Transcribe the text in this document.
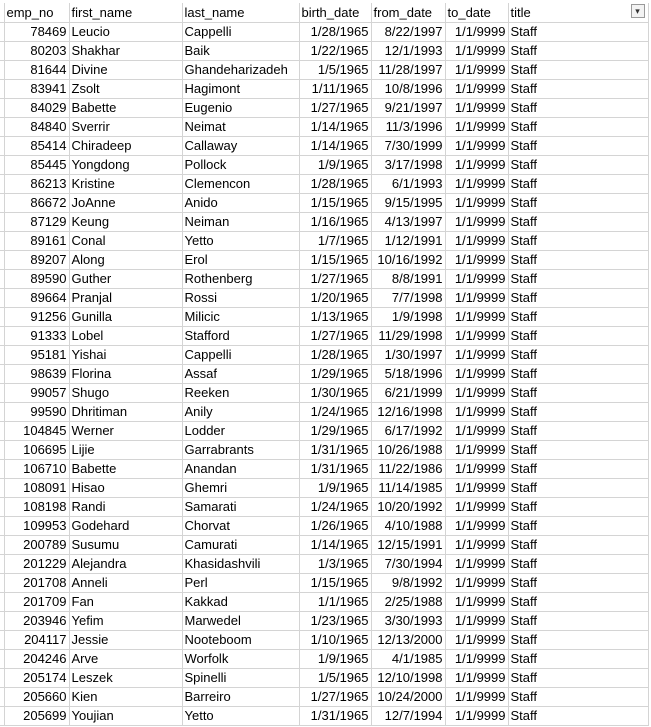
	emp_no	first_name	last_name	birth_date	from_date	to_date	title ▾

	78469	Leucio	Cappelli	1/28/1965	8/22/1997	1/1/9999	Staff
	80203	Shakhar	Baik	1/22/1965	12/1/1993	1/1/9999	Staff
	81644	Divine	Ghandeharizadeh	1/5/1965	11/28/1997	1/1/9999	Staff
	83941	Zsolt	Hagimont	1/11/1965	10/8/1996	1/1/9999	Staff
	84029	Babette	Eugenio	1/27/1965	9/21/1997	1/1/9999	Staff
	84840	Sverrir	Neimat	1/14/1965	11/3/1996	1/1/9999	Staff
	85414	Chiradeep	Callaway	1/14/1965	7/30/1999	1/1/9999	Staff
	85445	Yongdong	Pollock	1/9/1965	3/17/1998	1/1/9999	Staff
	86213	Kristine	Clemencon	1/28/1965	6/1/1993	1/1/9999	Staff
	86672	JoAnne	Anido	1/15/1965	9/15/1995	1/1/9999	Staff
	87129	Keung	Neiman	1/16/1965	4/13/1997	1/1/9999	Staff
	89161	Conal	Yetto	1/7/1965	1/12/1991	1/1/9999	Staff
	89207	Along	Erol	1/15/1965	10/16/1992	1/1/9999	Staff
	89590	Guther	Rothenberg	1/27/1965	8/8/1991	1/1/9999	Staff
	89664	Pranjal	Rossi	1/20/1965	7/7/1998	1/1/9999	Staff
	91256	Gunilla	Milicic	1/13/1965	1/9/1998	1/1/9999	Staff
	91333	Lobel	Stafford	1/27/1965	11/29/1998	1/1/9999	Staff
	95181	Yishai	Cappelli	1/28/1965	1/30/1997	1/1/9999	Staff
	98639	Florina	Assaf	1/29/1965	5/18/1996	1/1/9999	Staff
	99057	Shugo	Reeken	1/30/1965	6/21/1999	1/1/9999	Staff
	99590	Dhritiman	Anily	1/24/1965	12/16/1998	1/1/9999	Staff
	104845	Werner	Lodder	1/29/1965	6/17/1992	1/1/9999	Staff
	106695	Lijie	Garrabrants	1/31/1965	10/26/1988	1/1/9999	Staff
	106710	Babette	Anandan	1/31/1965	11/22/1986	1/1/9999	Staff
	108091	Hisao	Ghemri	1/9/1965	11/14/1985	1/1/9999	Staff
	108198	Randi	Samarati	1/24/1965	10/20/1992	1/1/9999	Staff
	109953	Godehard	Chorvat	1/26/1965	4/10/1988	1/1/9999	Staff
	200789	Susumu	Camurati	1/14/1965	12/15/1991	1/1/9999	Staff
	201229	Alejandra	Khasidashvili	1/3/1965	7/30/1994	1/1/9999	Staff
	201708	Anneli	Perl	1/15/1965	9/8/1992	1/1/9999	Staff
	201709	Fan	Kakkad	1/1/1965	2/25/1988	1/1/9999	Staff
	203946	Yefim	Marwedel	1/23/1965	3/30/1993	1/1/9999	Staff
	204117	Jessie	Nooteboom	1/10/1965	12/13/2000	1/1/9999	Staff
	204246	Arve	Worfolk	1/9/1965	4/1/1985	1/1/9999	Staff
	205174	Leszek	Spinelli	1/5/1965	12/10/1998	1/1/9999	Staff
	205660	Kien	Barreiro	1/27/1965	10/24/2000	1/1/9999	Staff
	205699	Youjian	Yetto	1/31/1965	12/7/1994	1/1/9999	Staff
